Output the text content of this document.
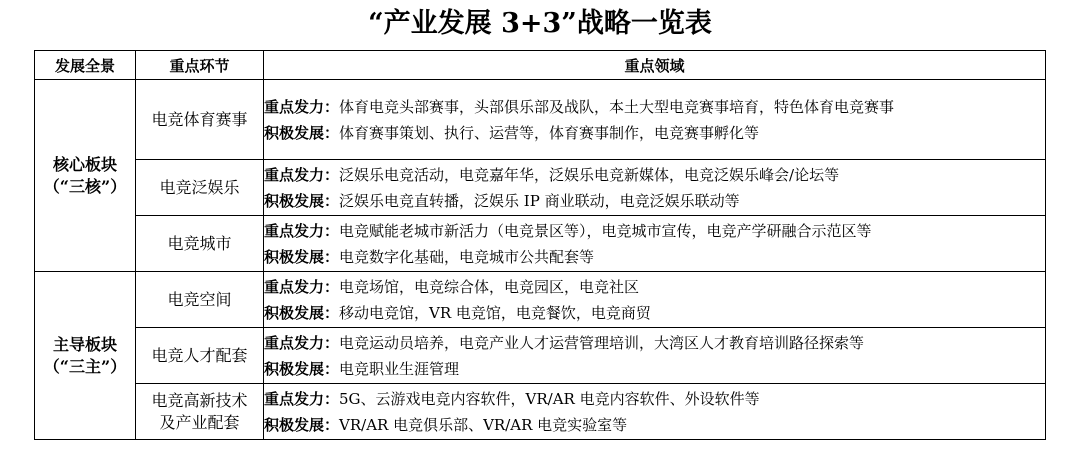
“产业发展 3+3”战略一览表
发展全景	重点环节	重点领域

核心板块
（“三核”）	电竞体育赛事	重点发力：体育电竞头部赛事，头部俱乐部及战队，本土大型电竞赛事培育，特色体育电竞赛事
积极发展：体育赛事策划、执行、运营等，体育赛事制作，电竞赛事孵化等

	电竞泛娱乐	重点发力：泛娱乐电竞活动，电竞嘉年华，泛娱乐电竞新媒体，电竞泛娱乐峰会/论坛等
积极发展：泛娱乐电竞直转播，泛娱乐 IP 商业联动，电竞泛娱乐联动等

	电竞城市	重点发力：电竞赋能老城市新活力（电竞景区等），电竞城市宣传，电竞产学研融合示范区等
积极发展：电竞数字化基础，电竞城市公共配套等

主导板块
（“三主”）	电竞空间	重点发力：电竞场馆，电竞综合体，电竞园区，电竞社区
积极发展：移动电竞馆，VR 电竞馆，电竞餐饮，电竞商贸

	电竞人才配套	重点发力：电竞运动员培养，电竞产业人才运营管理培训，大湾区人才教育培训路径探索等
积极发展：电竞职业生涯管理

	电竞高新技术
及产业配套	重点发力：5G、云游戏电竞内容软件，VR/AR 电竞内容软件、外设软件等
积极发展：VR/AR 电竞俱乐部、VR/AR 电竞实验室等
